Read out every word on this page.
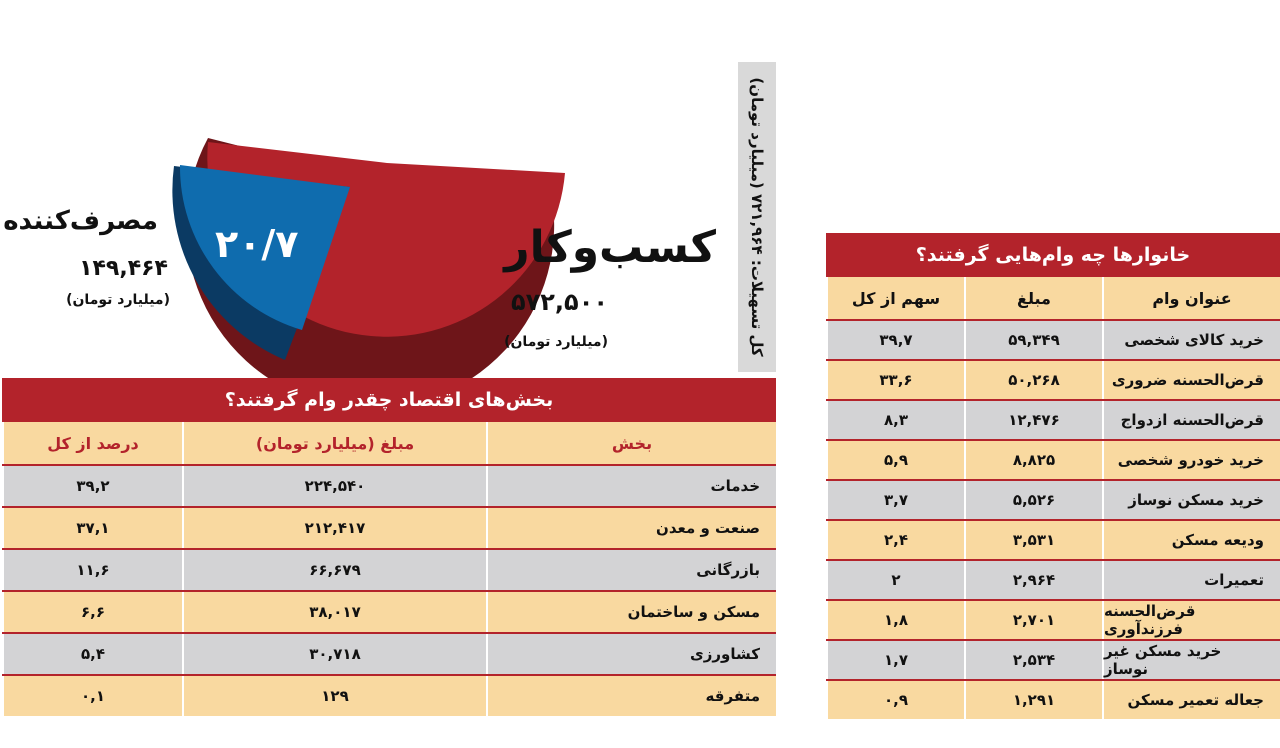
۷۹/۳
۲۰/۷	کسب‌وکار
۵۷۲,۵۰۰
(میلیارد تومان)
مصرف‌کننده
۱۴۹,۴۶۴
(میلیارد تومان)
کل تسهیلات: ۷۲۱,۹۶۴ (میلیارد تومان)
بخش‌های اقتصاد چقدر وام گرفتند؟
بخش
مبلغ (میلیارد تومان)
درصد از کل
خدمات
۲۲۴,۵۴۰
۳۹,۲
صنعت و معدن
۲۱۲,۴۱۷
۳۷,۱
بازرگانی
۶۶,۶۷۹
۱۱,۶
مسکن و ساختمان
۳۸,۰۱۷
۶,۶
کشاورزی
۳۰,۷۱۸
۵,۴
متفرقه
۱۲۹
۰,۱
خانوارها چه وام‌هایی گرفتند؟
عنوان وام
مبلغ
سهم از کل
خرید کالای شخصی
۵۹,۳۴۹
۳۹,۷
قرض‌الحسنه ضروری
۵۰,۲۶۸
۳۳,۶
قرض‌الحسنه ازدواج
۱۲,۴۷۶
۸,۳
خرید خودرو شخصی
۸,۸۲۵
۵,۹
خرید مسکن نوساز
۵,۵۲۶
۳,۷
ودیعه مسکن
۳,۵۳۱
۲,۴
تعمیرات
۲,۹۶۴
۲
قرض‌الحسنه فرزندآوری
۲,۷۰۱
۱,۸
خرید مسکن غیر نوساز
۲,۵۳۴
۱,۷
جعاله تعمیر مسکن
۱,۲۹۱
۰,۹
